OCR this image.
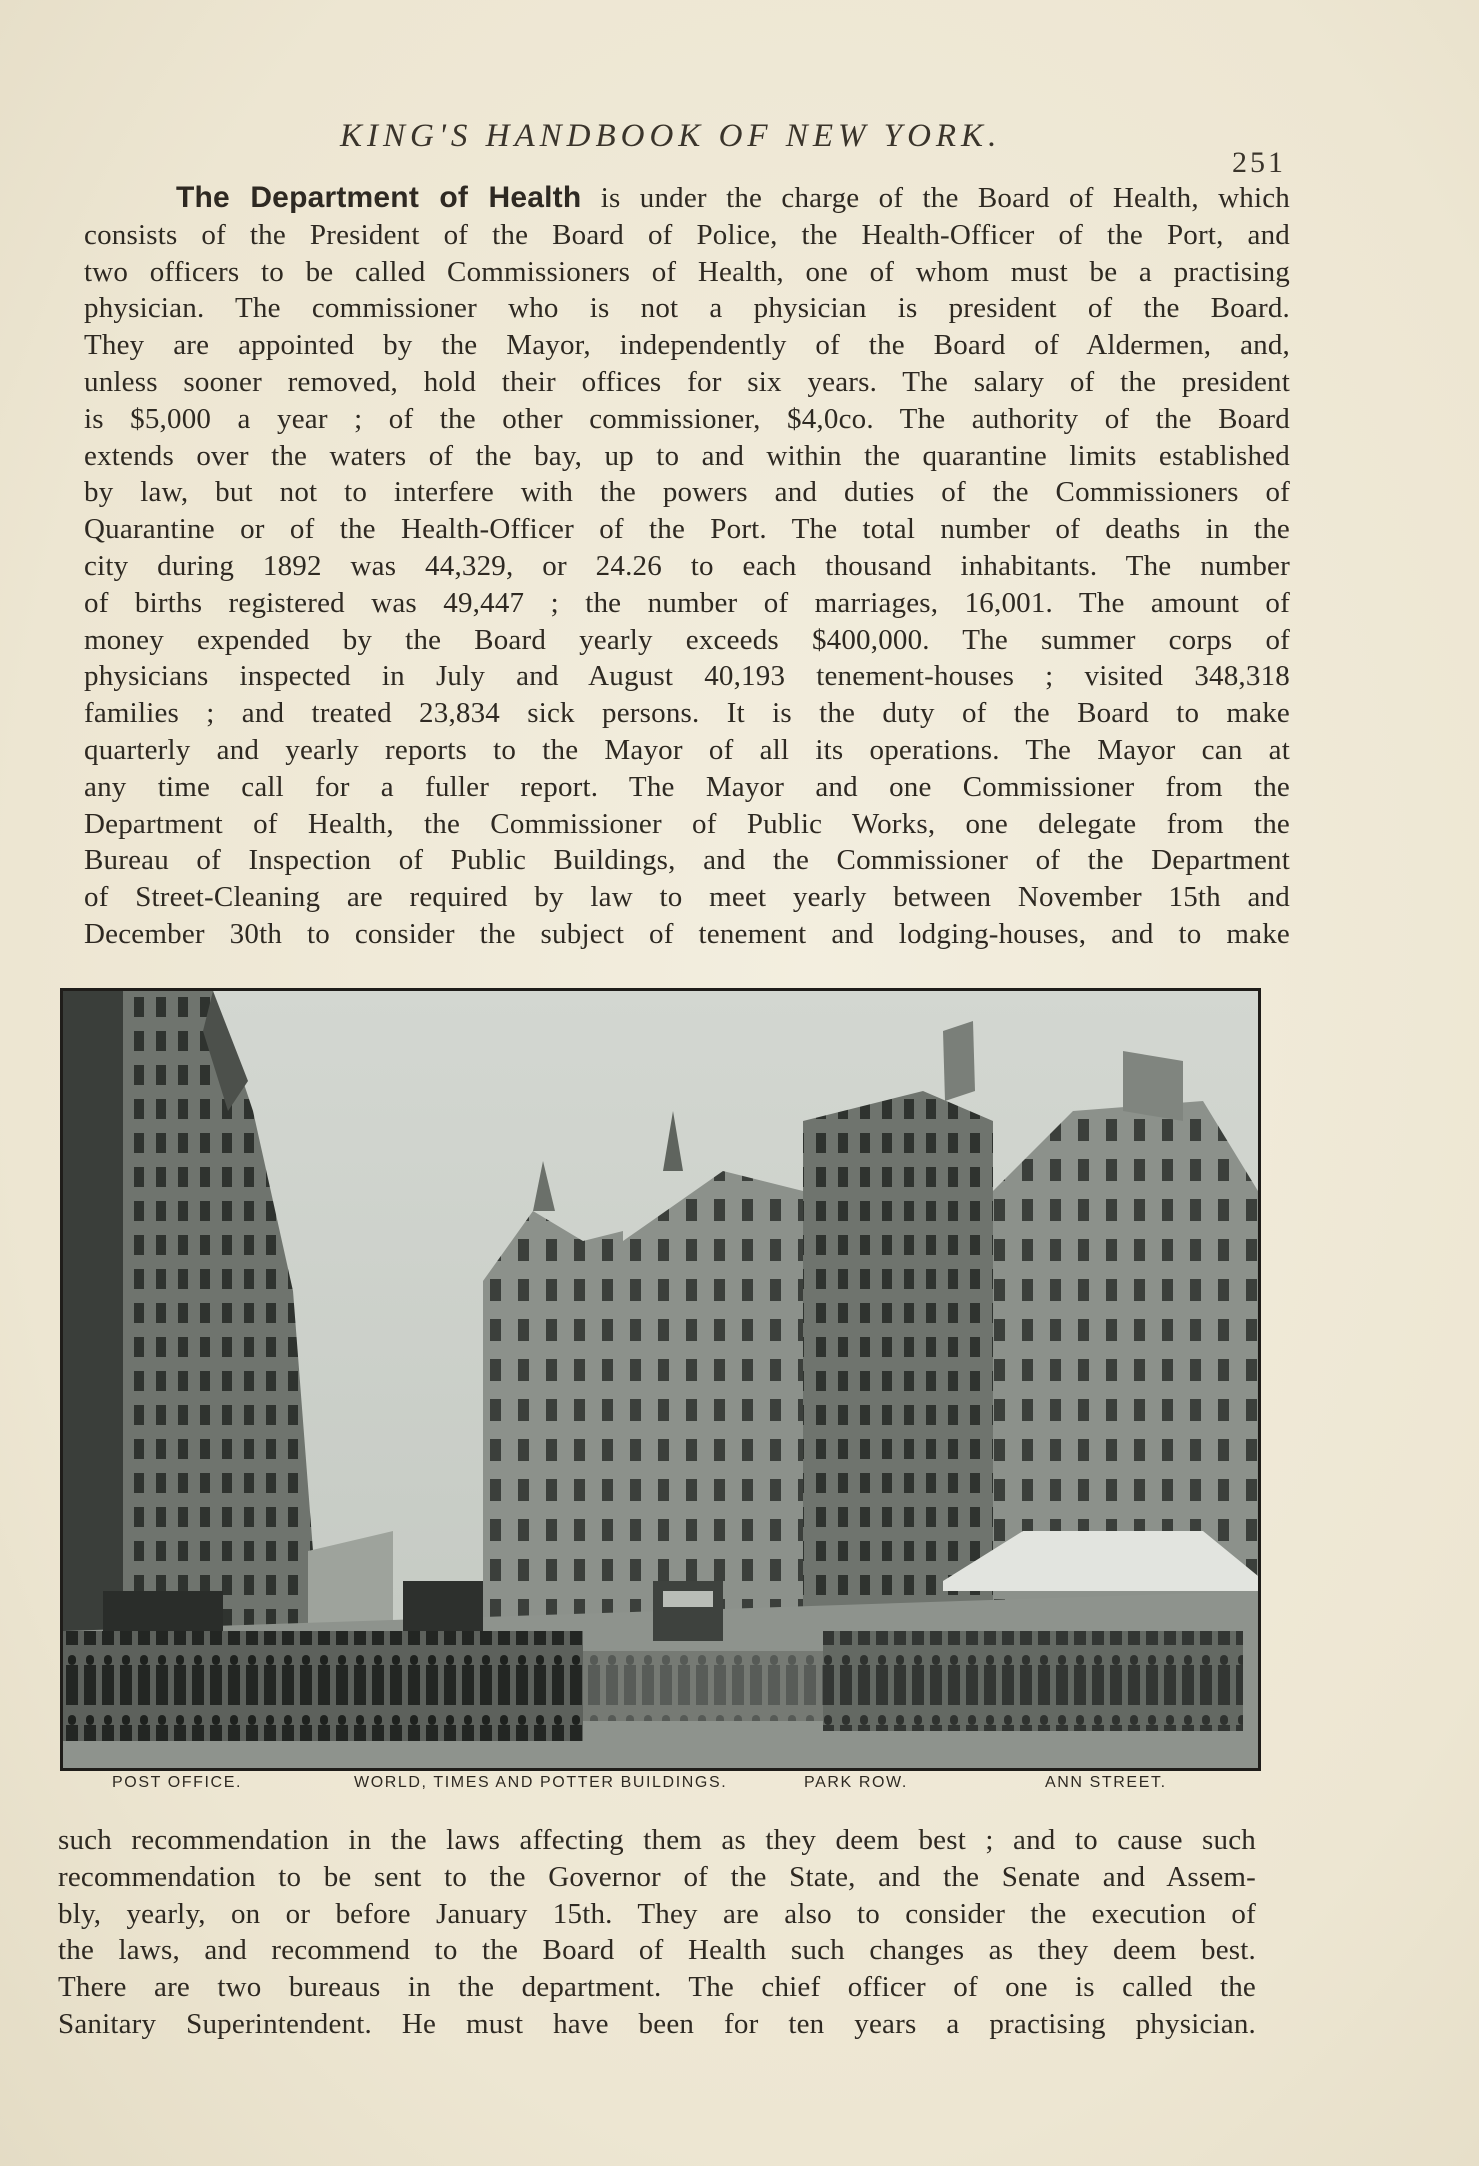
KING'S HANDBOOK OF NEW YORK.
251
The Department of Health is under the charge of the Board of Health, which
consists of the President of the Board of Police, the Health-Officer of the Port, and
two officers to be called Commissioners of Health, one of whom must be a practising
physician. The commissioner who is not a physician is president of the Board.
They are appointed by the Mayor, independently of the Board of Aldermen, and,
unless sooner removed, hold their offices for six years. The salary of the president
is $5,000 a year ; of the other commissioner, $4,0co. The authority of the Board
extends over the waters of the bay, up to and within the quarantine limits established
by law, but not to interfere with the powers and duties of the Commissioners of
Quarantine or of the Health-Officer of the Port. The total number of deaths in the
city during 1892 was 44,329, or 24.26 to each thousand inhabitants. The number
of births registered was 49,447 ; the number of marriages, 16,001. The amount of
money expended by the Board yearly exceeds $400,000. The summer corps of
physicians inspected in July and August 40,193 tenement-houses ; visited 348,318
families ; and treated 23,834 sick persons. It is the duty of the Board to make
quarterly and yearly reports to the Mayor of all its operations. The Mayor can at
any time call for a fuller report. The Mayor and one Commissioner from the
Department of Health, the Commissioner of Public Works, one delegate from the
Bureau of Inspection of Public Buildings, and the Commissioner of the Department
of Street-Cleaning are required by law to meet yearly between November 15th and
December 30th to consider the subject of tenement and lodging-houses, and to make
POST OFFICE.	WORLD, TIMES AND POTTER BUILDINGS.	PARK ROW.	ANN STREET.
such recommendation in the laws affecting them as they deem best ; and to cause such
recommendation to be sent to the Governor of the State, and the Senate and Assem-
bly, yearly, on or before January 15th. They are also to consider the execution of
the laws, and recommend to the Board of Health such changes as they deem best.
There are two bureaus in the department. The chief officer of one is called the
Sanitary Superintendent. He must have been for ten years a practising physician.
